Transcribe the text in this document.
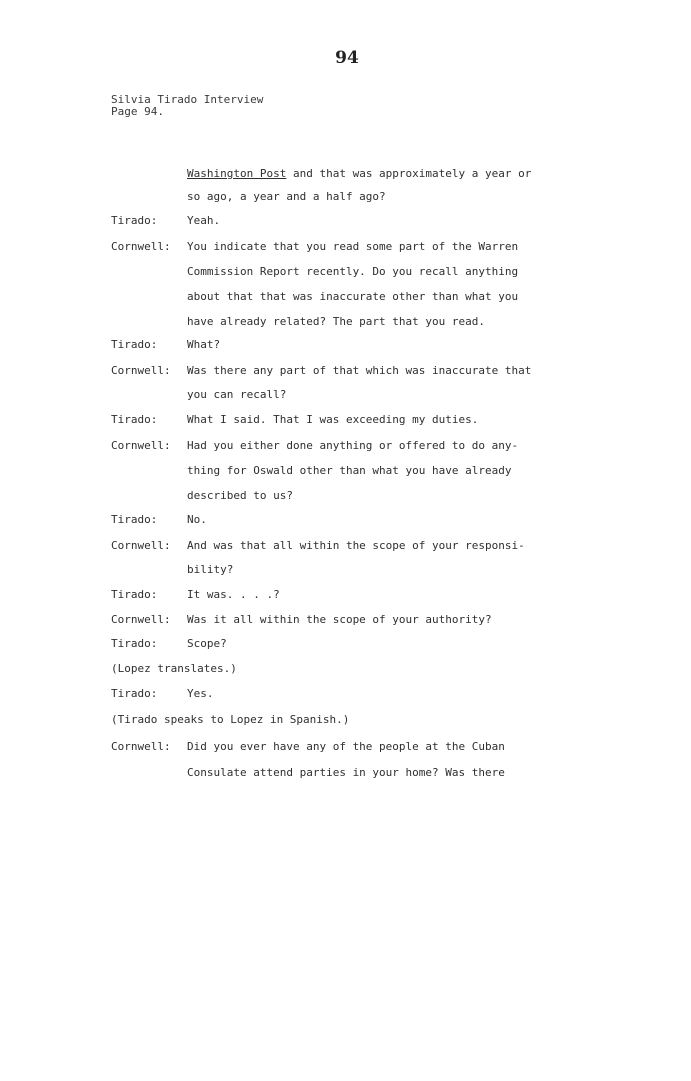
94
Silvia Tirado Interview
Page 94.
Washington Post and that was approximately a year or
so ago, a year and a half ago?
Tirado:	Yeah.
Cornwell: You indicate that you read some part of the Warren
Commission Report recently. Do you recall anything
about that that was inaccurate other than what you
have already related? The part that you read.
Tirado:	What?
Cornwell: Was there any part of that which was inaccurate that
you can recall?
Tirado:	What I said. That I was exceeding my duties.
Cornwell: Had you either done anything or offered to do any-
thing for Oswald other than what you have already
described to us?
Tirado:	No.
Cornwell: And was that all within the scope of your responsi-
bility?
Tirado:	It was. . . .?
Cornwell: Was it all within the scope of your authority?
Tirado:	Scope?
(Lopez translates.)
Tirado:	Yes.
(Tirado speaks to Lopez in Spanish.)
Cornwell: Did you ever have any of the people at the Cuban
Consulate attend parties in your home? Was there
